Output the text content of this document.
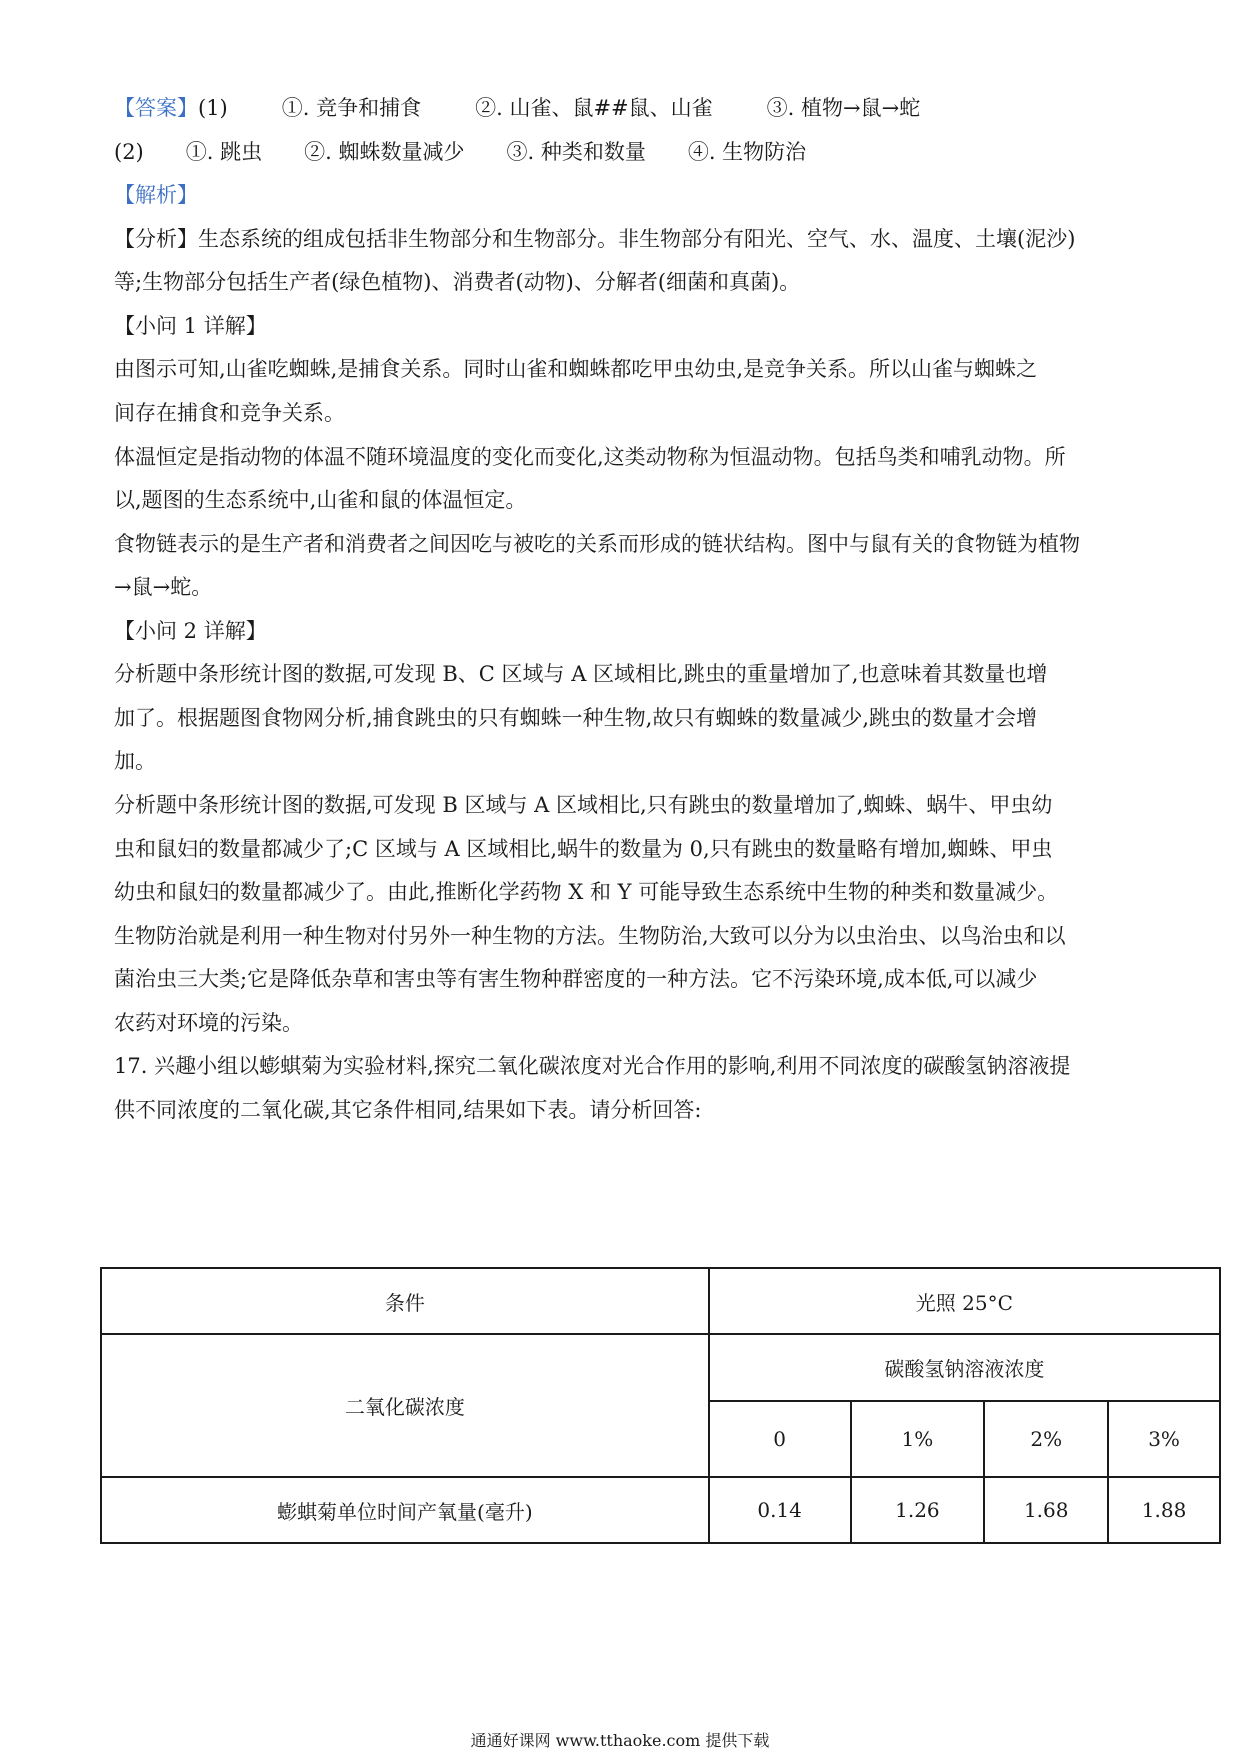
【答案】(1)	①. 竞争和捕食	②. 山雀、鼠##鼠、山雀	③. 植物→鼠→蛇
(2) ①. 跳虫 ②. 蜘蛛数量减少 ③. 种类和数量 ④. 生物防治
【解析】
【分析】生态系统的组成包括非生物部分和生物部分。非生物部分有阳光、空气、水、温度、土壤(泥沙)
等;生物部分包括生产者(绿色植物)、消费者(动物)、分解者(细菌和真菌)。
【小问 1 详解】
由图示可知,山雀吃蜘蛛,是捕食关系。同时山雀和蜘蛛都吃甲虫幼虫,是竞争关系。所以山雀与蜘蛛之
间存在捕食和竞争关系。
体温恒定是指动物的体温不随环境温度的变化而变化,这类动物称为恒温动物。包括鸟类和哺乳动物。所
以,题图的生态系统中,山雀和鼠的体温恒定。
食物链表示的是生产者和消费者之间因吃与被吃的关系而形成的链状结构。图中与鼠有关的食物链为植物
→鼠→蛇。
【小问 2 详解】
分析题中条形统计图的数据,可发现 B、C 区域与 A 区域相比,跳虫的重量增加了,也意味着其数量也增
加了。根据题图食物网分析,捕食跳虫的只有蜘蛛一种生物,故只有蜘蛛的数量减少,跳虫的数量才会增
加。
分析题中条形统计图的数据,可发现 B 区域与 A 区域相比,只有跳虫的数量增加了,蜘蛛、蜗牛、甲虫幼
虫和鼠妇的数量都减少了;C 区域与 A 区域相比,蜗牛的数量为 0,只有跳虫的数量略有增加,蜘蛛、甲虫
幼虫和鼠妇的数量都减少了。由此,推断化学药物 X 和 Y 可能导致生态系统中生物的种类和数量减少。
生物防治就是利用一种生物对付另外一种生物的方法。生物防治,大致可以分为以虫治虫、以鸟治虫和以
菌治虫三大类;它是降低杂草和害虫等有害生物种群密度的一种方法。它不污染环境,成本低,可以减少
农药对环境的污染。
17. 兴趣小组以蟛蜞菊为实验材料,探究二氧化碳浓度对光合作用的影响,利用不同浓度的碳酸氢钠溶液提
供不同浓度的二氧化碳,其它条件相同,结果如下表。请分析回答:
条件	光照 25°C			
二氧化碳浓度	碳酸氢钠溶液浓度			
	0	1%	2%	3%
蟛蜞菊单位时间产氧量(毫升)	0.14	1.26	1.68	1.88
通通好课网 www.tthaoke.com 提供下载
